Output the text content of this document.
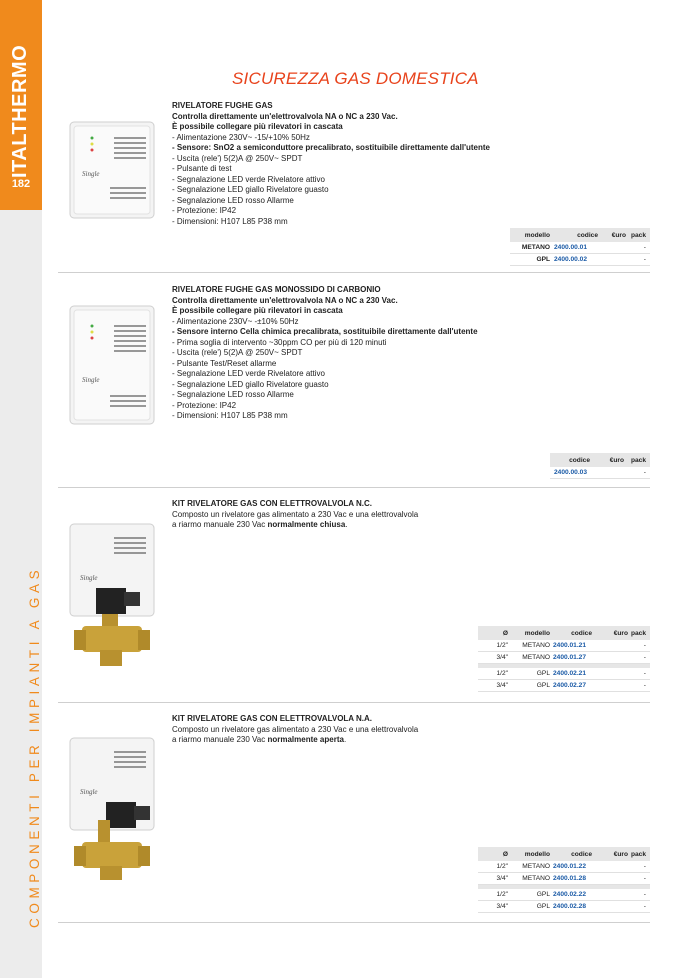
ITALTHERMO
182
COMPONENTI PER IMPIANTI A GAS
SICUREZZA GAS DOMESTICA
Single
RIVELATORE FUGHE GAS
Controlla direttamente un'elettrovalvola NA o NC a 230 Vac.
È possibile collegare più rilevatori in cascata
- Alimentazione 230V~ -15/+10% 50Hz
- Sensore: SnO2 a semiconduttore precalibrato, sostituibile direttamente dall'utente
- Uscita (rele') 5(2)A @ 250V~ SPDT
- Pulsante di test
- Segnalazione LED verde Rivelatore attivo
- Segnalazione LED giallo Rivelatore guasto
- Segnalazione LED rosso Allarme
- Protezione: IP42
- Dimensioni: H107 L85 P38 mm
modello	codice	€uro pack
METANO 2400.00.01	-
GPL 2400.00.02	-
Single
RIVELATORE FUGHE GAS MONOSSIDO DI CARBONIO
Controlla direttamente un'elettrovalvola NA o NC a 230 Vac.
È possibile collegare più rilevatori in cascata
- Alimentazione 230V~ -±10% 50Hz
- Sensore interno Cella chimica precalibrata, sostituibile direttamente dall'utente
- Prima soglia di intervento ~30ppm CO per più di 120 minuti
- Uscita (rele') 5(2)A @ 250V~ SPDT
- Pulsante Test/Reset allarme
- Segnalazione LED verde Rivelatore attivo
- Segnalazione LED giallo Rivelatore guasto
- Segnalazione LED rosso Allarme
- Protezione: IP42
- Dimensioni: H107 L85 P38 mm
codice	€uro	pack
2400.00.03	-
Single
KIT RIVELATORE GAS CON ELETTROVALVOLA N.C.
Composto un rivelatore gas alimentato a 230 Vac e una elettrovalvola
a riarmo manuale 230 Vac normalmente chiusa.
Ø	modello	codice	€uro pack
1/2"	METANO 2400.01.21	-
3/4"	METANO 2400.01.27	-
1/2"	GPL 2400.02.21	-
3/4"	GPL 2400.02.27	-
Single
KIT RIVELATORE GAS CON ELETTROVALVOLA N.A.
Composto un rivelatore gas alimentato a 230 Vac e una elettrovalvola
a riarmo manuale 230 Vac normalmente aperta.
Ø	modello	codice	€uro pack
1/2"	METANO 2400.01.22	-
3/4"	METANO 2400.01.28	-
1/2"	GPL 2400.02.22	-
3/4"	GPL 2400.02.28	-
